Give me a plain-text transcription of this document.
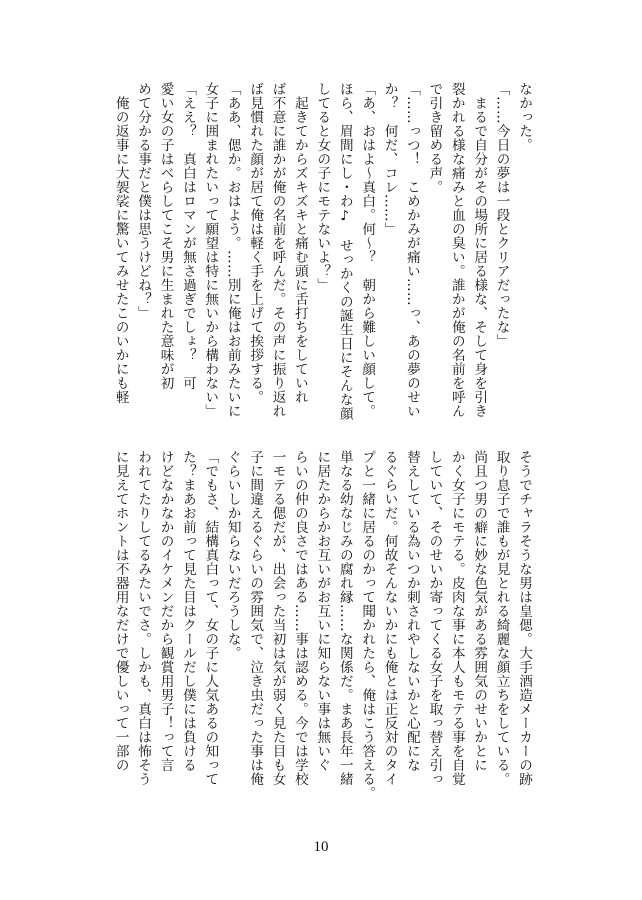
なかった。
「……今日の夢は一段とクリアだったな」
　まるで自分がその場所に居る様な、そして身を引き
裂かれる様な痛みと血の臭い。誰かが俺の名前を呼ん
で引き留める声。
「……っつ！　こめかみが痛い……っ、あの夢のせい
か？　何だ、コレ……」
「あ、おはよ〜真白。何〜？　朝から難しい顔して。
ほら、眉間にし・わ♪　せっかくの誕生日にそんな顔
してると女の子にモテないよ？」
　起きてからズキズキと痛む頭に舌打ちをしていれ
ば不意に誰かが俺の名前を呼んだ。その声に振り返れ
ば見慣れた顔が居て俺は軽く手を上げて挨拶する。
「ああ、偲か。おはよう。……別に俺はお前みたいに
女子に囲まれたいって願望は特に無いから構わない」
「ええ？　真白はロマンが無さ過ぎでしょ？　可
愛い女の子はべらしてこそ男に生まれた意味が初
めて分かる事だと僕は思うけどね？」
　俺の返事に大袈裟に驚いてみせたこのいかにも軽
そうでチャラそうな男は皇偲。大手酒造メーカーの跡
取り息子で誰もが見とれる綺麗な顔立ちをしている。
尚且つ男の癖に妙な色気がある雰囲気のせいかとに
かく女子にモテる。皮肉な事に本人もモテる事を自覚
していて、そのせいか寄ってくる女子を取っ替え引っ
替えしている為いつか刺されやしないかと心配にな
るぐらいだ。何故そんないかにも俺とは正反対のタイ
プと一緒に居るのかって聞かれたら、俺はこう答える。
単なる幼なじみの腐れ縁……な関係だ。まあ長年一緒
に居たからかお互いがお互いに知らない事は無いぐ
らいの仲の良さではある……事は認める。今では学校
一モテる偲だが、出会った当初は気が弱く見た目も女
子に間違えるぐらいの雰囲気で、泣き虫だった事は俺
ぐらいしか知らないだろうしな。
「でもさ、結構真白って、女の子に人気あるの知って
た？まあお前って見た目はクールだし僕には負ける
けどなかなかのイケメンだから観賞用男子！って言
われてたりしてるみたいでさ。しかも、真白は怖そう
に見えてホントは不器用なだけで優しいって一部の
10
